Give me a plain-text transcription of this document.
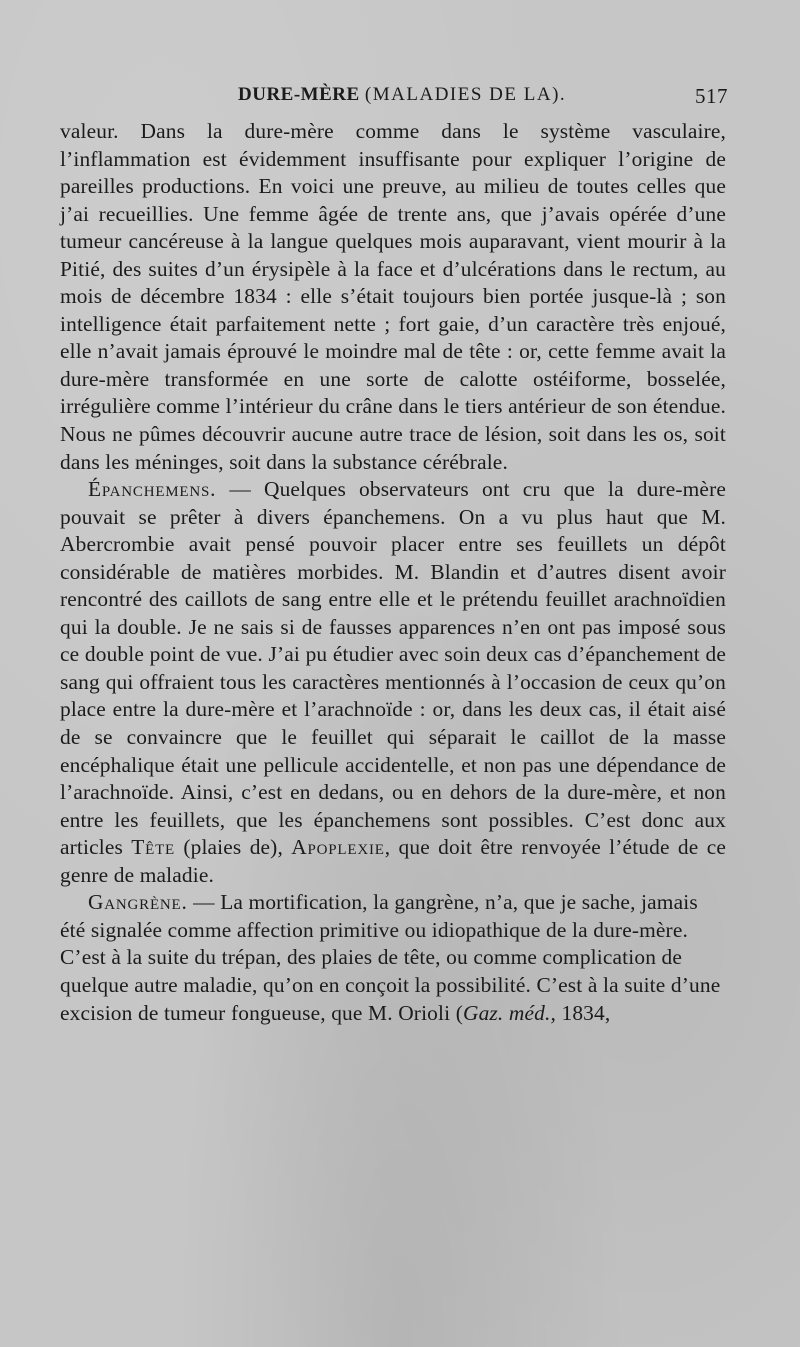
DURE-MÈRE (MALADIES DE LA).	517

valeur. Dans la dure-mère comme dans le système vasculaire, l’inflammation est évidemment insuffisante pour expliquer l’origine de pareilles productions. En voici une preuve, au milieu de toutes celles que j’ai recueillies. Une femme âgée de trente ans, que j’avais opérée d’une tumeur cancéreuse à la langue quelques mois auparavant, vient mourir à la Pitié, des suites d’un érysipèle à la face et d’ulcérations dans le rectum, au mois de décembre 1834 : elle s’était toujours bien portée jusque-là ; son intelligence était parfaitement nette ; fort gaie, d’un caractère très enjoué, elle n’avait jamais éprouvé le moindre mal de tête : or, cette femme avait la dure-mère transformée en une sorte de calotte ostéiforme, bosselée, irrégulière comme l’intérieur du crâne dans le tiers antérieur de son étendue. Nous ne pûmes découvrir aucune autre trace de lésion, soit dans les os, soit dans les méninges, soit dans la substance cérébrale.

Épanchemens. — Quelques observateurs ont cru que la dure-mère pouvait se prêter à divers épanchemens. On a vu plus haut que M. Abercrombie avait pensé pouvoir placer entre ses feuillets un dépôt considérable de matières morbides. M. Blandin et d’autres disent avoir rencontré des caillots de sang entre elle et le prétendu feuillet arachnoïdien qui la double. Je ne sais si de fausses apparences n’en ont pas imposé sous ce double point de vue. J’ai pu étudier avec soin deux cas d’épanchement de sang qui offraient tous les caractères mentionnés à l’occasion de ceux qu’on place entre la dure-mère et l’arachnoïde : or, dans les deux cas, il était aisé de se convaincre que le feuillet qui séparait le caillot de la masse encéphalique était une pellicule accidentelle, et non pas une dépendance de l’arachnoïde. Ainsi, c’est en dedans, ou en dehors de la dure-mère, et non entre les feuillets, que les épanchemens sont possibles. C’est donc aux articles Tête (plaies de), Apoplexie, que doit être renvoyée l’étude de ce genre de maladie.

Gangrène. — La mortification, la gangrène, n’a, que je sache, jamais été signalée comme affection primitive ou idiopathique de la dure-mère. C’est à la suite du trépan, des plaies de tête, ou comme complication de quelque autre maladie, qu’on en conçoit la possibilité. C’est à la suite d’une excision de tumeur fongueuse, que M. Orioli (Gaz. méd., 1834,
